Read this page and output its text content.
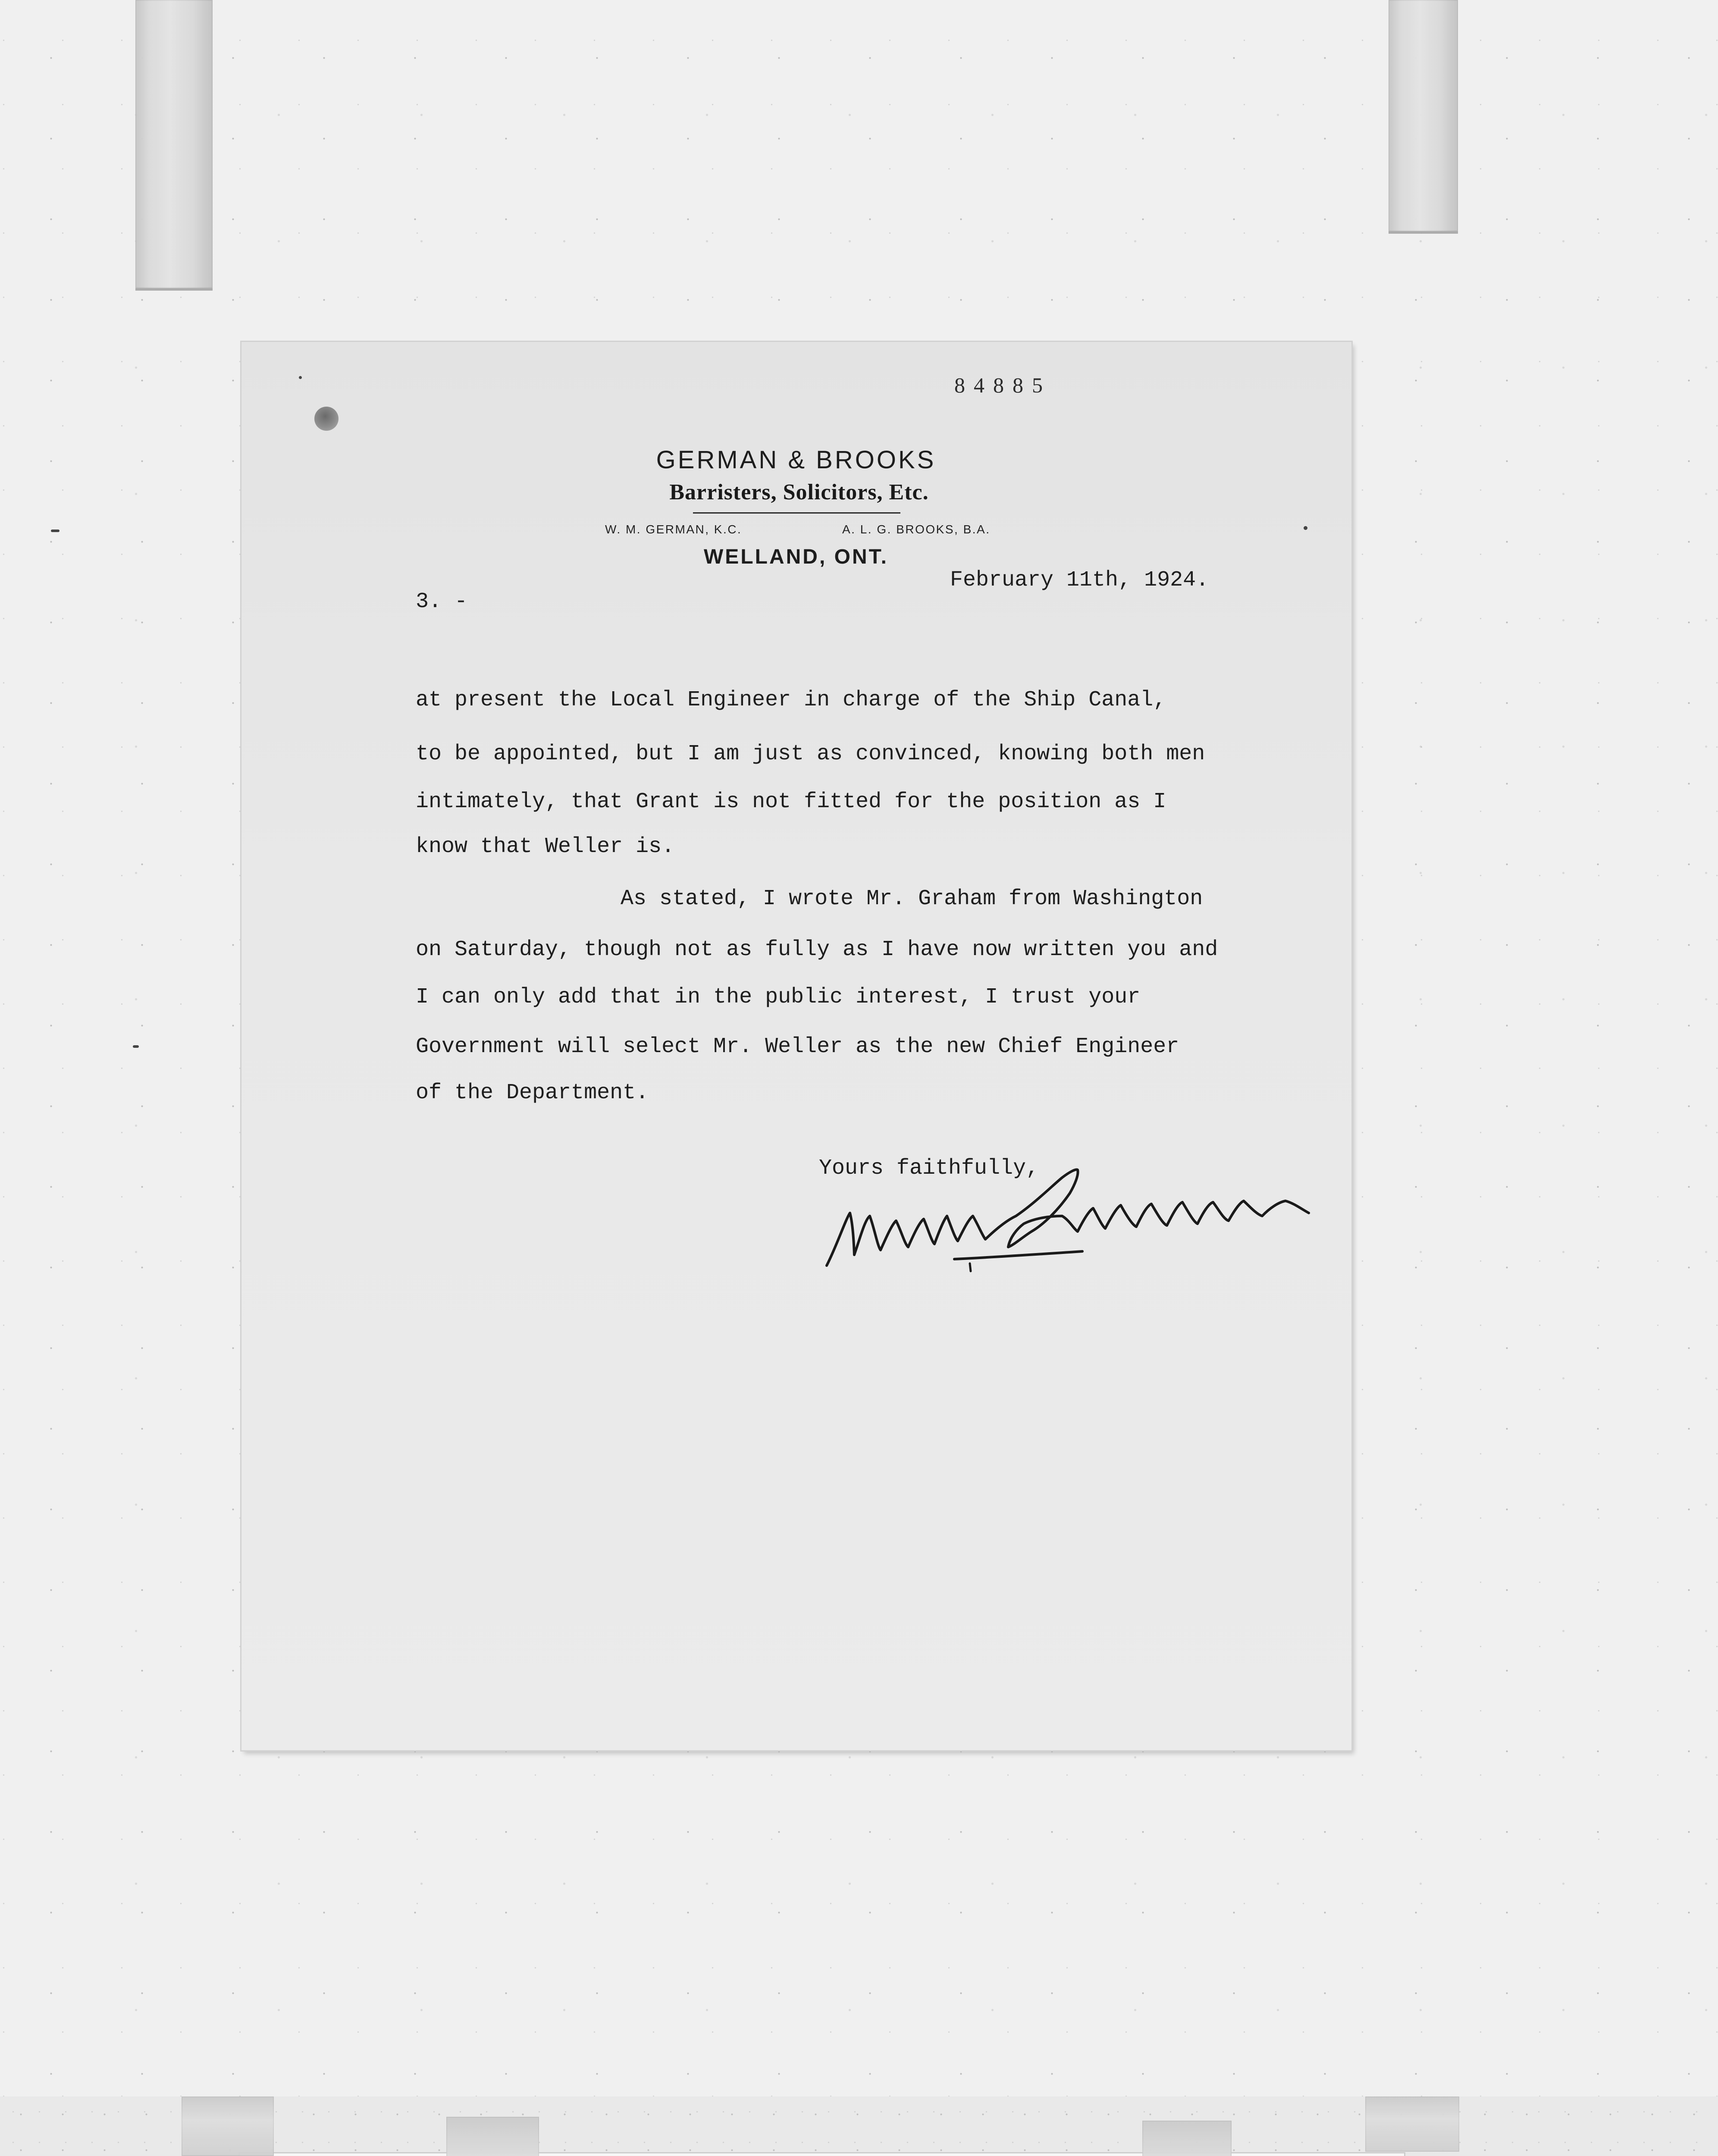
84885
GERMAN & BROOKS
Barristers, Solicitors, Etc.
W. M. GERMAN, K.C.	A. L. G. BROOKS, B.A.
WELLAND, ONT.
February 11th, 1924.
3. -
at present the Local Engineer in charge of the Ship Canal,
to be appointed, but I am just as convinced, knowing both men
intimately, that Grant is not fitted for the position as I
know that Weller is.
As stated, I wrote Mr. Graham from Washington
on Saturday, though not as fully as I have now written you and
I can only add that in the public interest, I trust your
Government will select Mr. Weller as the new Chief Engineer
of the Department.
Yours faithfully,
